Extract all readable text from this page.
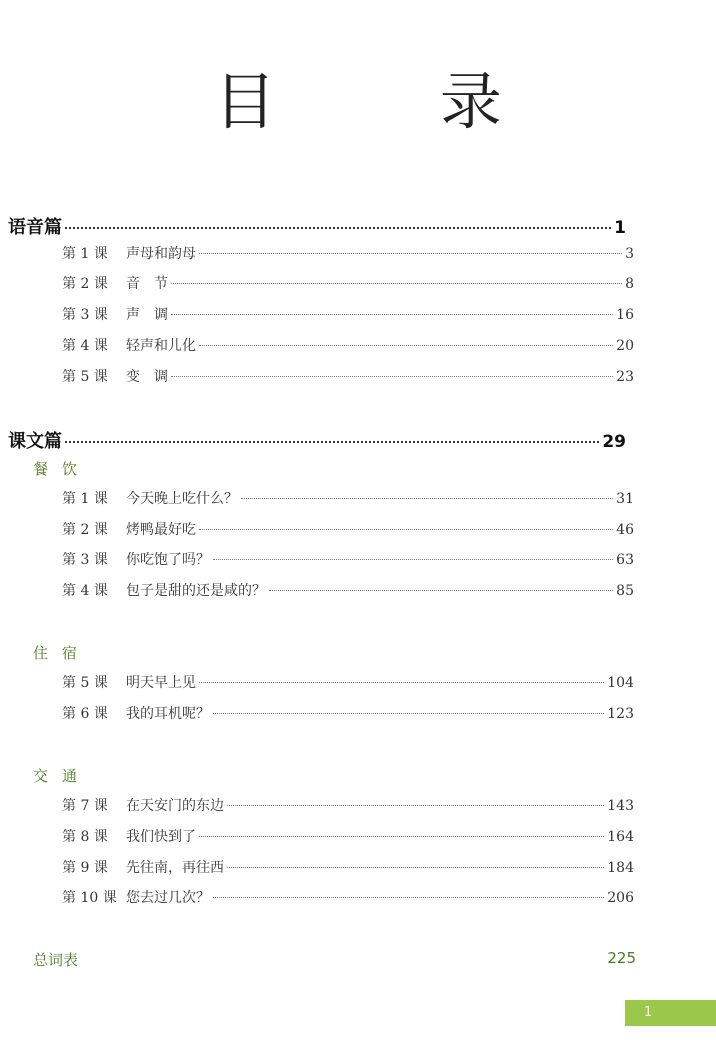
目 录
语音篇	1
第 1 课	声母和韵母	3
第 2 课	音　节	8
第 3 课	声　调	16
第 4 课	轻声和儿化	20
第 5 课	变　调	23
课文篇	29
餐饮
第 1 课	今天晚上吃什么？	31
第 2 课	烤鸭最好吃	46
第 3 课	你吃饱了吗？	63
第 4 课	包子是甜的还是咸的？	85
住宿
第 5 课	明天早上见	104
第 6 课	我的耳机呢？	123
交通
第 7 课	在天安门的东边	143
第 8 课	我们快到了	164
第 9 课	先往南，再往西	184
第 10 课 您去过几次？	206
总词表	225
1
